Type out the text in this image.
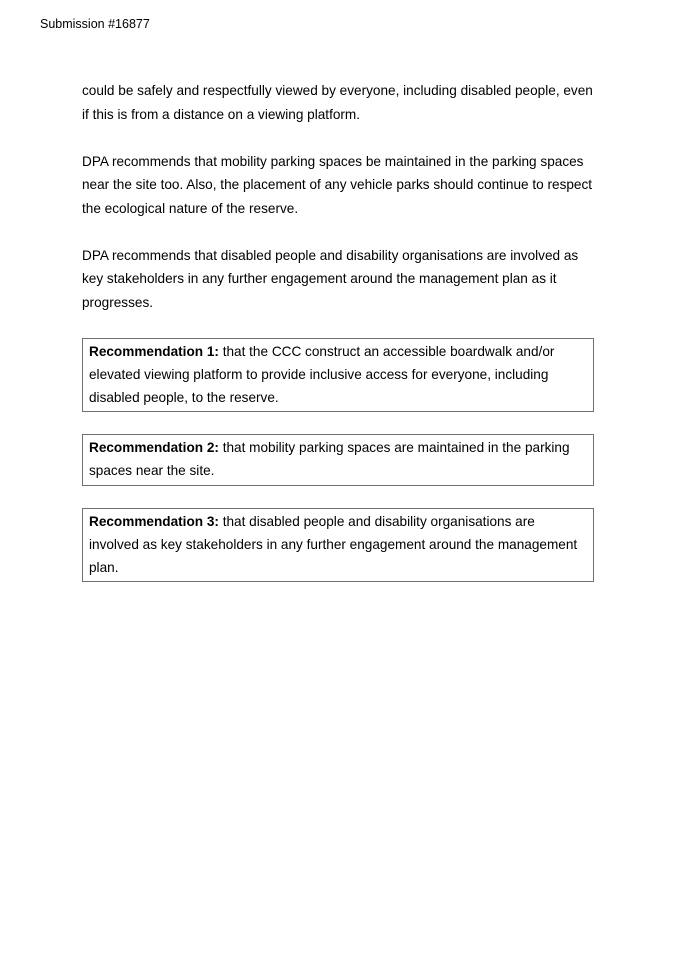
Submission #16877

could be safely and respectfully viewed by everyone, including disabled people, even if this is from a distance on a viewing platform.

DPA recommends that mobility parking spaces be maintained in the parking spaces near the site too. Also, the placement of any vehicle parks should continue to respect the ecological nature of the reserve.

DPA recommends that disabled people and disability organisations are involved as key stakeholders in any further engagement around the management plan as it progresses.

Recommendation 1: that the CCC construct an accessible boardwalk and/or elevated viewing platform to provide inclusive access for everyone, including disabled people, to the reserve.
Recommendation 2: that mobility parking spaces are maintained in the parking spaces near the site.
Recommendation 3: that disabled people and disability organisations are involved as key stakeholders in any further engagement around the management plan.
